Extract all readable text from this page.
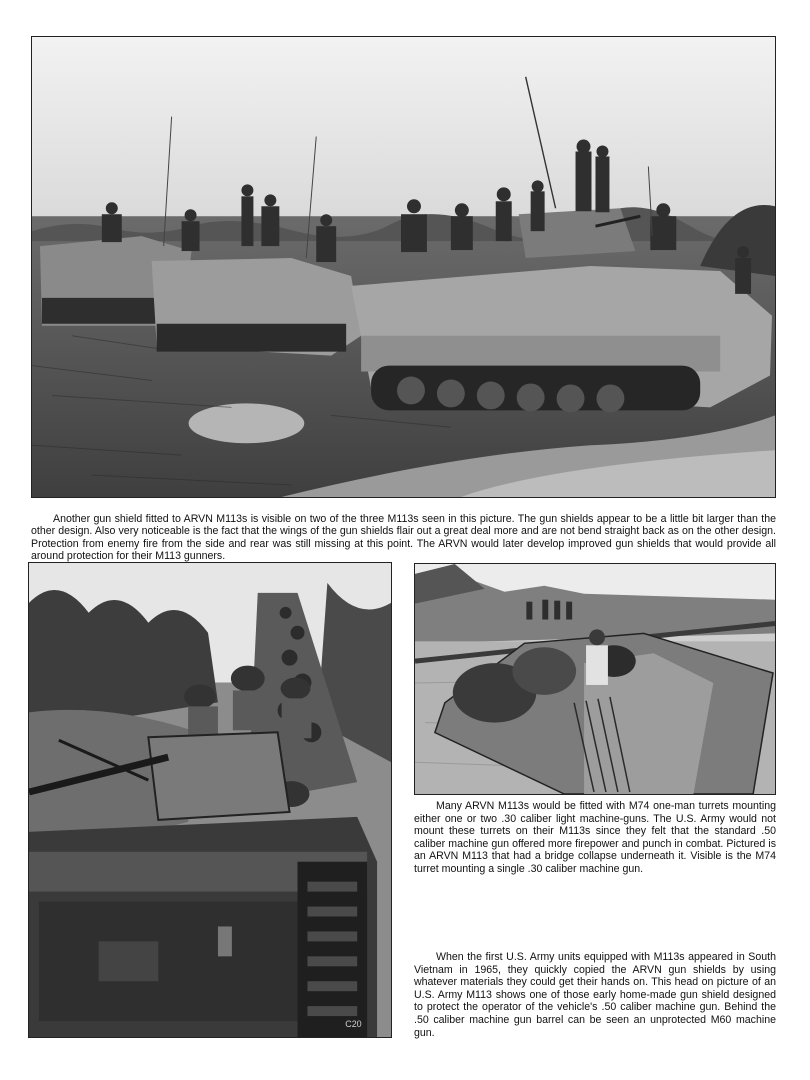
Another gun shield fitted to ARVN M113s is visible on two of the three M113s seen in this picture. The gun shields appear to be a little bit larger than the other design. Also very noticeable is the fact that the wings of the gun shields flair out a great deal more and are not bend straight back as on the other design. Protection from enemy fire from the side and rear was still missing at this point. The ARVN would later develop improved gun shields that would provide all around protection for their M113 gunners.

C20

Many ARVN M113s would be fitted with M74 one-man turrets mounting either one or two .30 caliber light machine-guns. The U.S. Army would not mount these turrets on their M113s since they felt that the standard .50 caliber machine gun offered more firepower and punch in combat. Pictured is an ARVN M113 that had a bridge collapse underneath it. Visible is the M74 turret mounting a single .30 caliber machine gun.

When the first U.S. Army units equipped with M113s appeared in South Vietnam in 1965, they quickly copied the ARVN gun shields by using whatever materials they could get their hands on. This head on picture of an U.S. Army M113 shows one of those early home-made gun shield designed to protect the operator of the vehicle's .50 caliber machine gun. Behind the .50 caliber machine gun barrel can be seen an unprotected M60 machine gun.
